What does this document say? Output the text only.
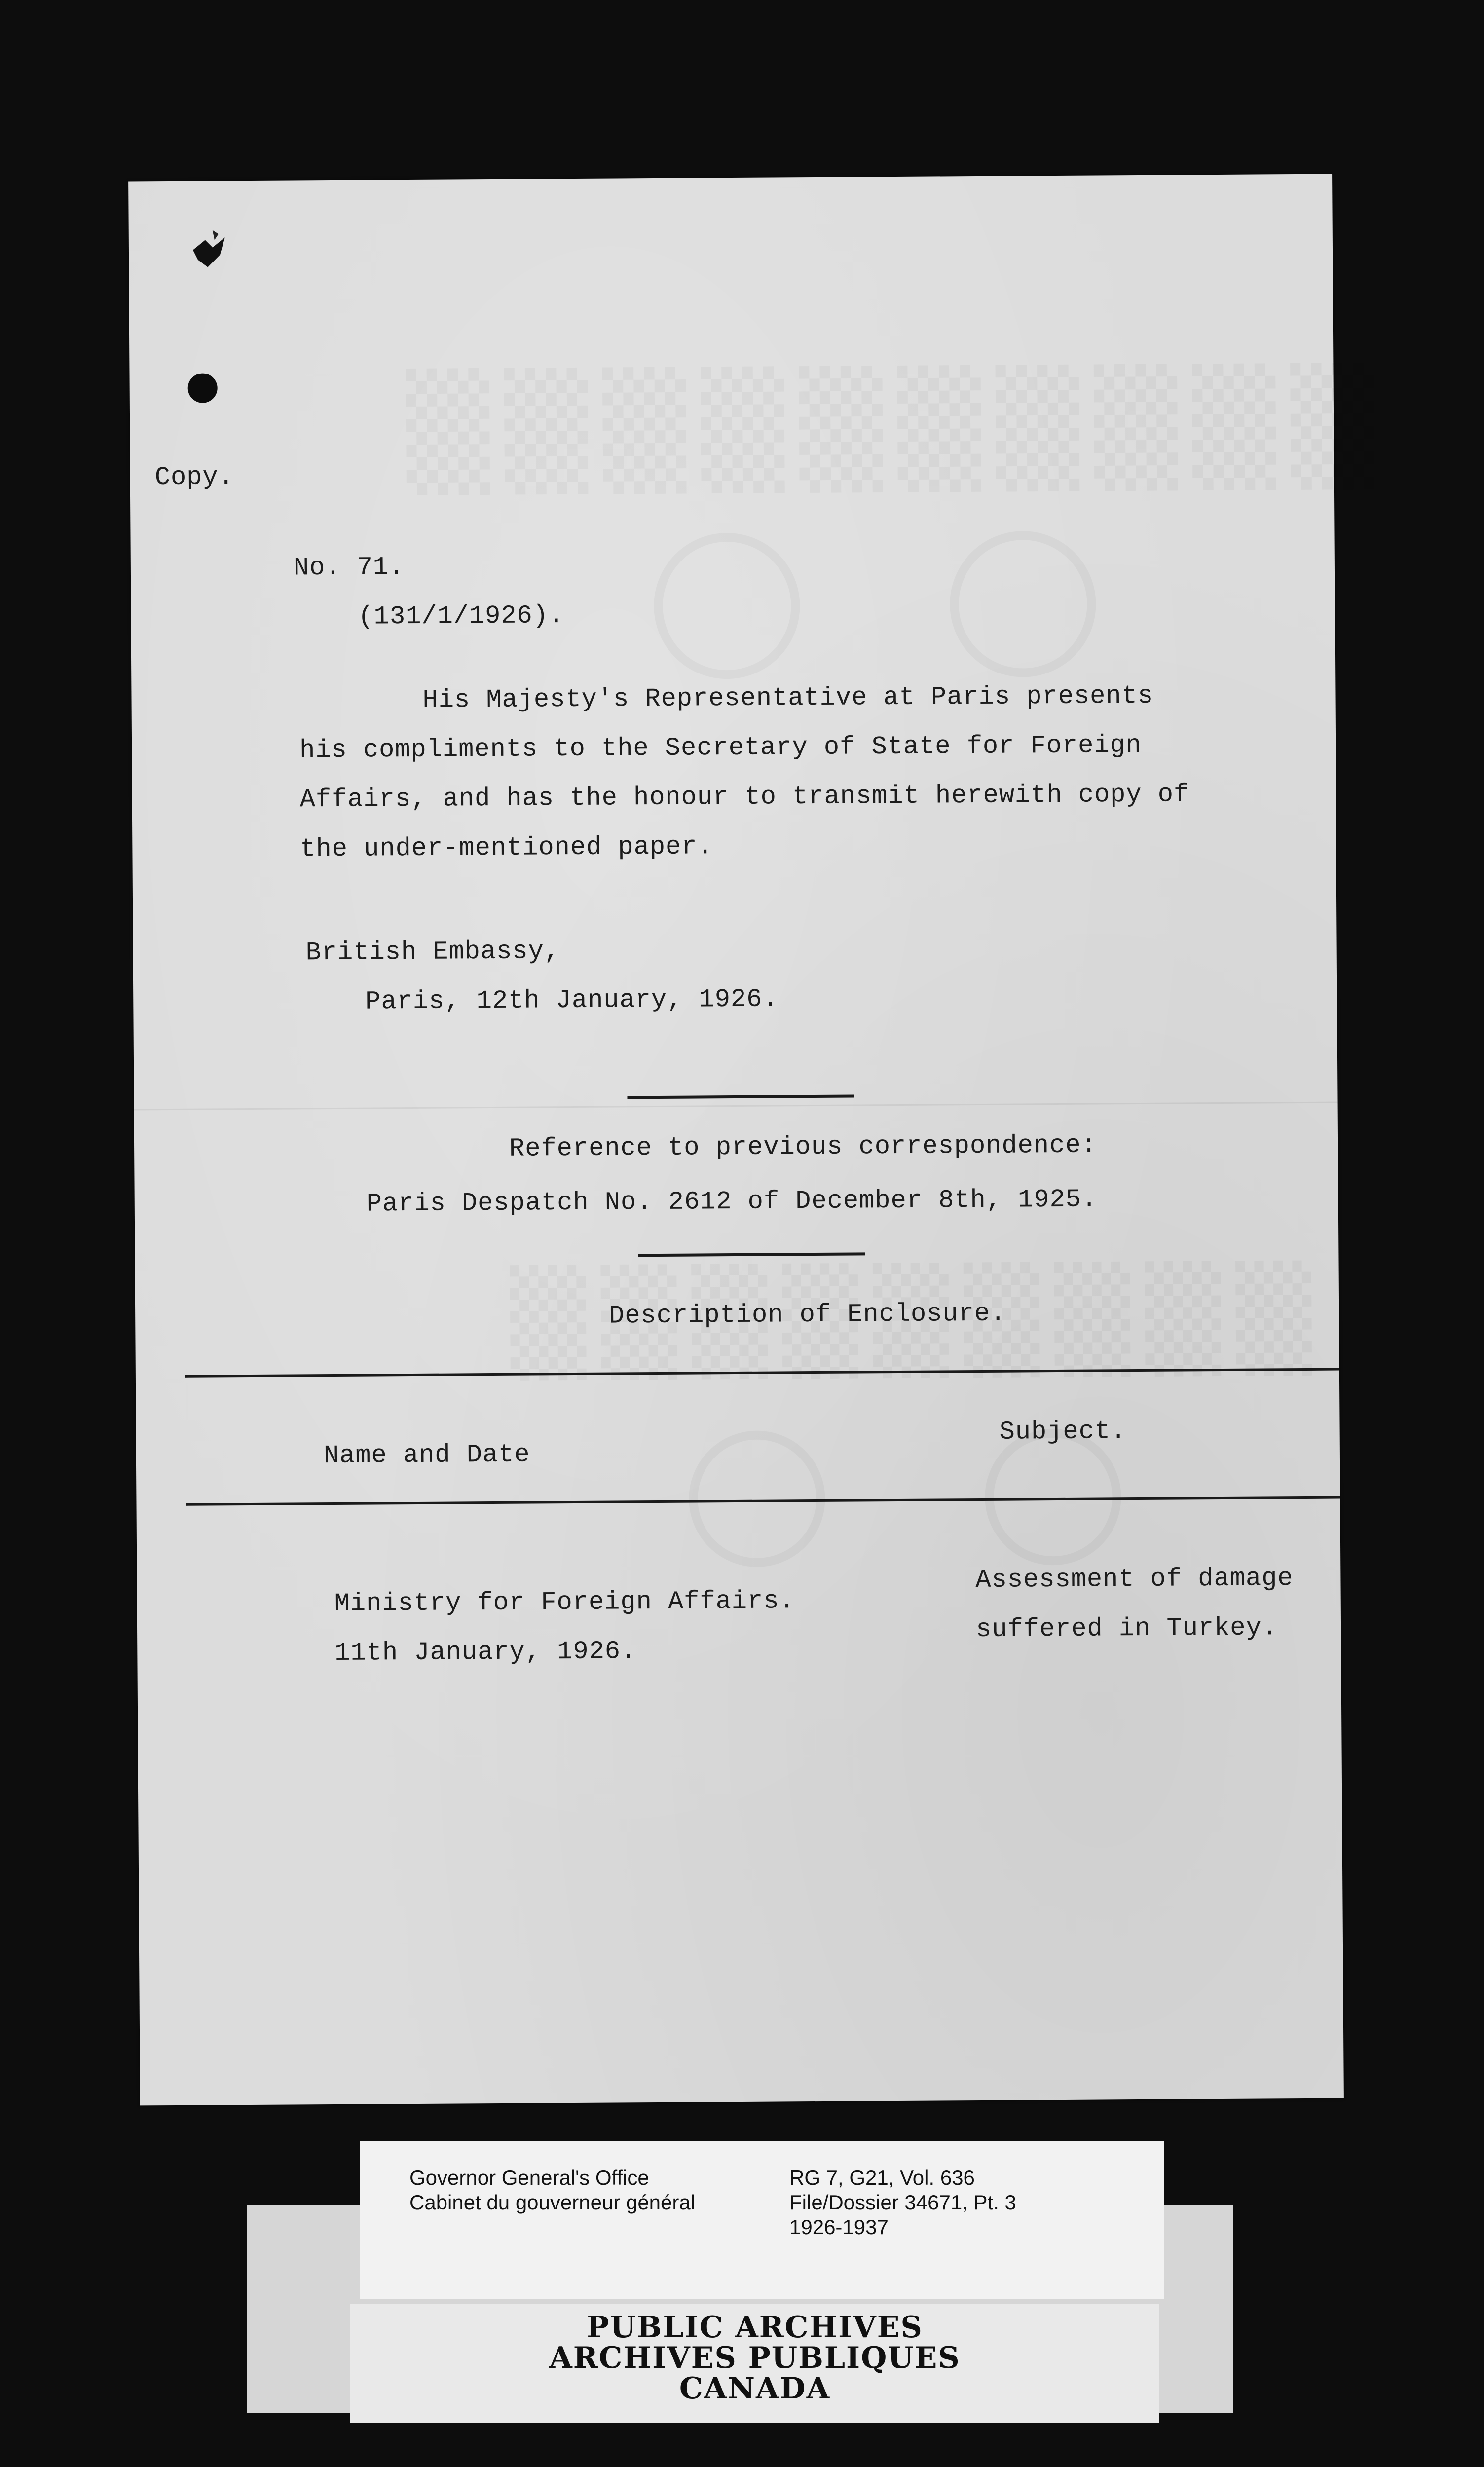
Copy.
No. 71.
(131/1/1926).
His Majesty's Representative at Paris presents
his compliments to the Secretary of State for Foreign
Affairs, and has the honour to transmit herewith copy of
the under-mentioned paper.
British Embassy,
Paris, 12th January, 1926.
Reference to previous correspondence:
Paris Despatch No. 2612 of December 8th, 1925.
Description of Enclosure.
Name and Date
Subject.
Ministry for Foreign Affairs.
11th January, 1926.
Assessment of damage
suffered in Turkey.
Governor General's Office
Cabinet du gouverneur général
RG 7, G21, Vol. 636
File/Dossier 34671, Pt. 3
1926-1937
PUBLIC ARCHIVES
ARCHIVES PUBLIQUES
CANADA
